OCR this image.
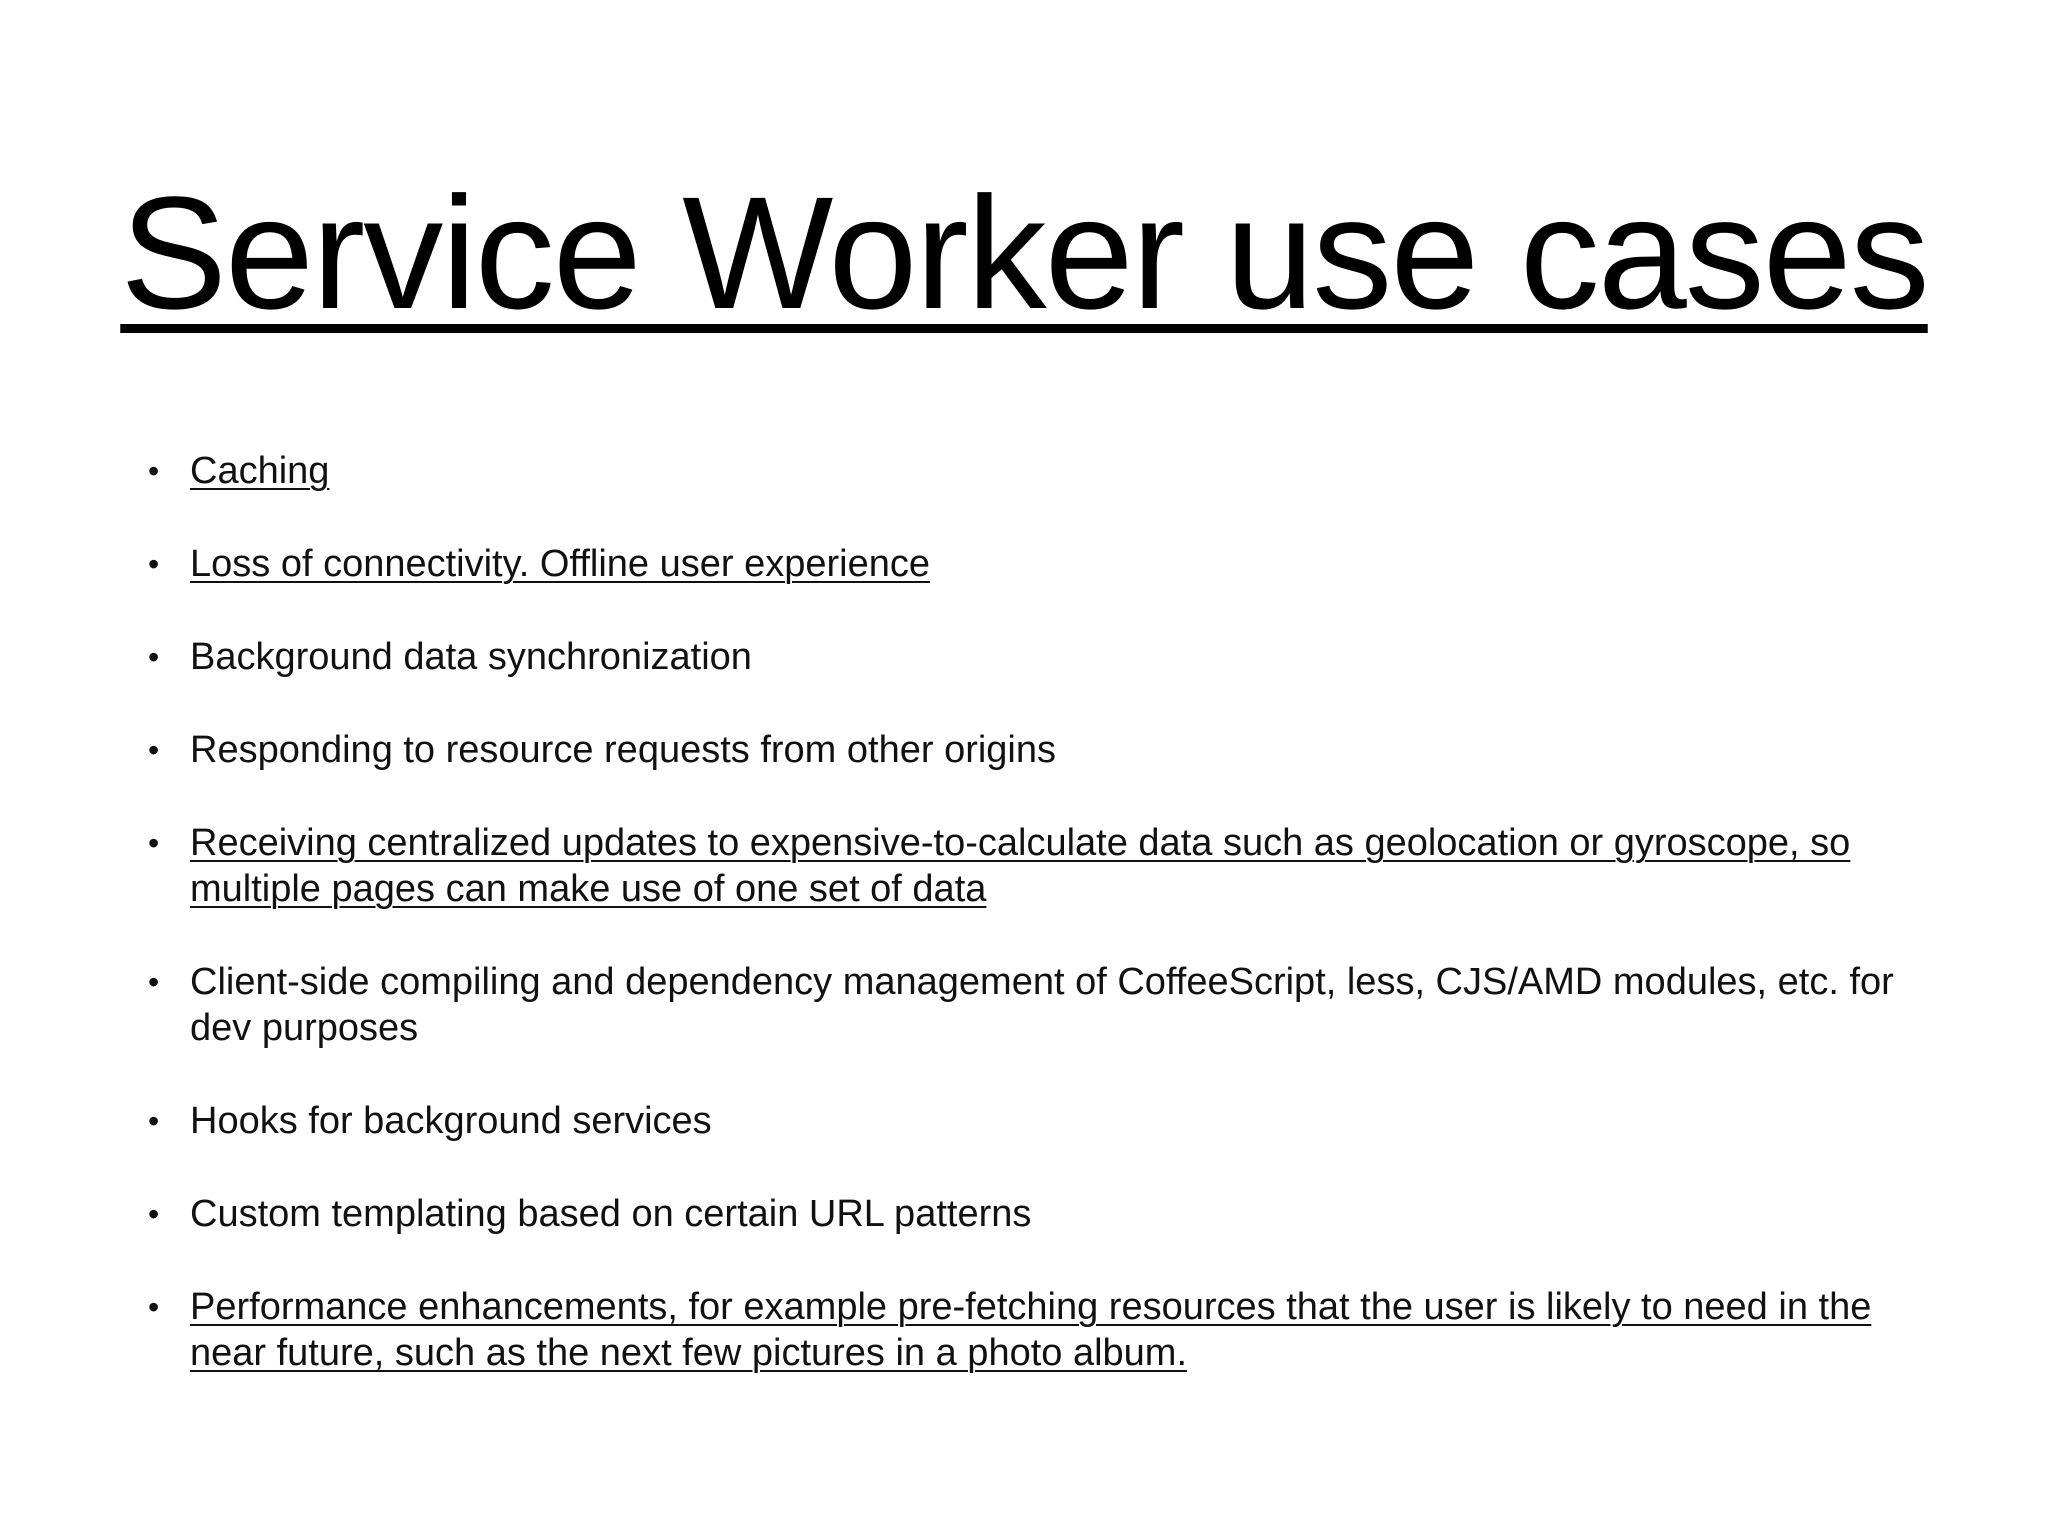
Service Worker use cases
• Caching
• Loss of connectivity. Offline user experience
• Background data synchronization
• Responding to resource requests from other origins
• Receiving centralized updates to expensive-to-calculate data such as geolocation or gyroscope, so multiple pages can make use of one set of data
• Client-side compiling and dependency management of CoffeeScript, less, CJS/AMD modules, etc. for dev purposes
• Hooks for background services
• Custom templating based on certain URL patterns
• Performance enhancements, for example pre-fetching resources that the user is likely to need in the near future, such as the next few pictures in a photo album.
